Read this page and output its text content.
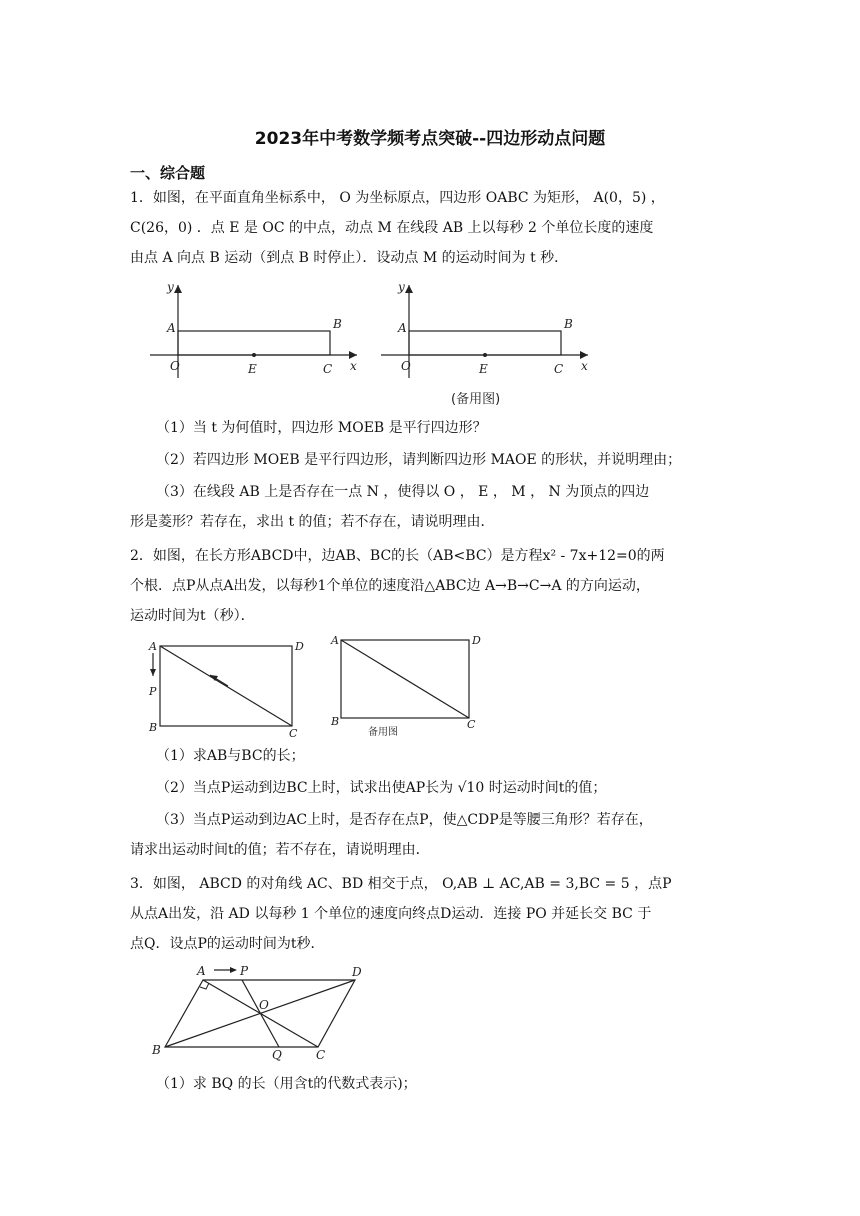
2023年中考数学频考点突破--四边形动点问题
一、综合题
1．如图，在平面直角坐标系中， O 为坐标原点，四边形 OABC 为矩形， A(0，5) ，
C(26，0) ．点 E 是 OC 的中点，动点 M 在线段 AB 上以每秒 2 个单位长度的速度
由点 A 向点 B 运动（到点 B 时停止）．设动点 M 的运动时间为 t 秒．
y
A	B
O	E	C x
y
A	B
O	E	C x
(备用图)
（1）当 t 为何值时，四边形 MOEB 是平行四边形？
（2）若四边形 MOEB 是平行四边形，请判断四边形 MAOE 的形状，并说明理由；
（3）在线段 AB 上是否存在一点 N ，使得以 O ， E ， M ， N 为顶点的四边
形是菱形？若存在，求出 t 的值；若不存在，请说明理由．
2．如图，在长方形ABCD中，边AB、BC的长（AB<BC）是方程x² - 7x+12=0的两
个根．点P从点A出发，以每秒1个单位的速度沿△ABC边 A→B→C→A 的方向运动，
运动时间为t（秒）．
A
P
B	C
D A
B	C
D
备用图
（1）求AB与BC的长；
（2）当点P运动到边BC上时，试求出使AP长为 √10 时运动时间t的值；
（3）当点P运动到边AC上时，是否存在点P，使△CDP是等腰三角形？若存在，
请求出运动时间t的值；若不存在，请说明理由．
3．如图， ABCD 的对角线 AC、BD 相交于点， O,AB ⊥ AC,AB = 3,BC = 5 ，点P
从点A出发，沿 AD 以每秒 1 个单位的速度向终点D运动．连接 PO 并延长交 BC 于
点Q．设点P的运动时间为t秒．
A	P	D
O
B	Q	C
（1）求 BQ 的长（用含t的代数式表示)；
